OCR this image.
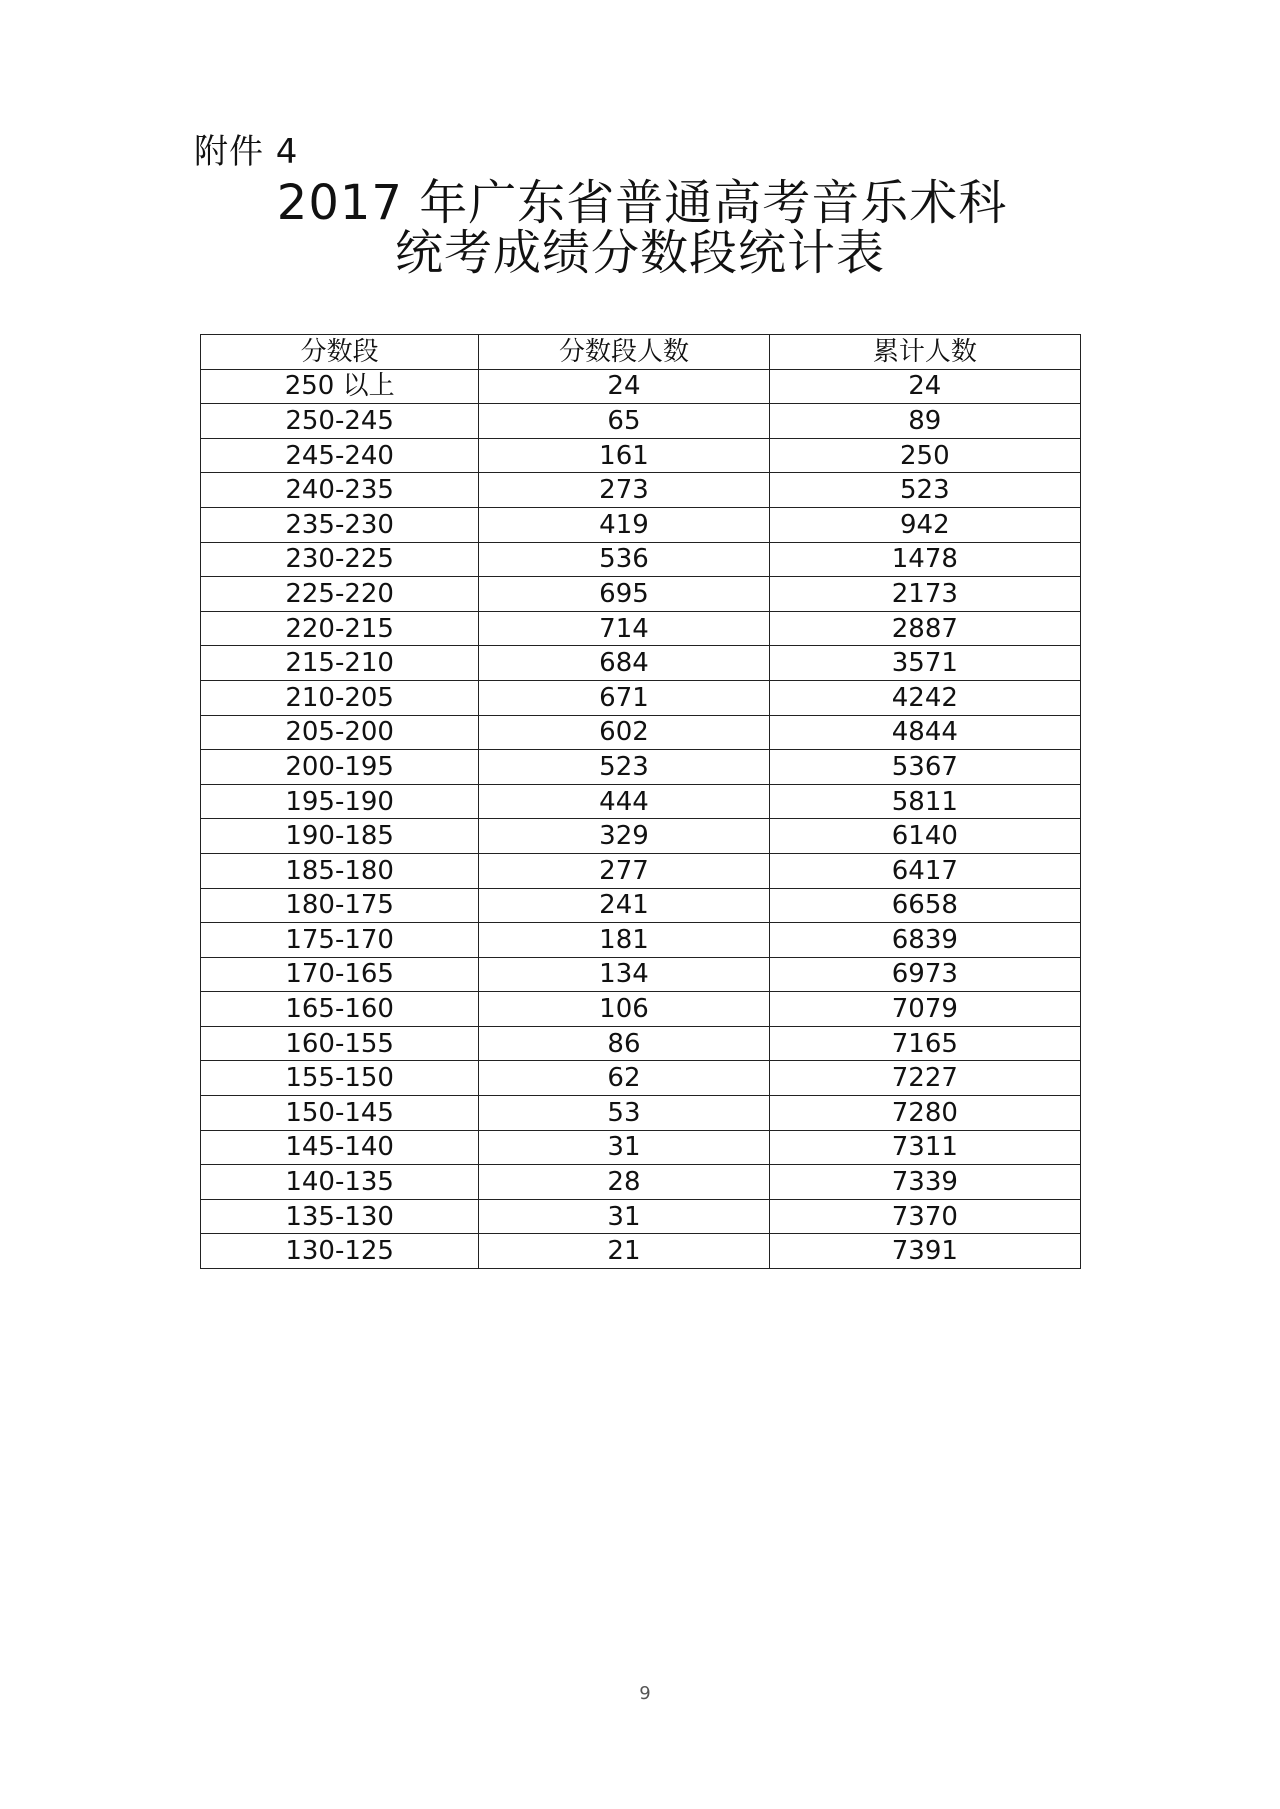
附件 4
2017 年广东省普通高考音乐术科
统考成绩分数段统计表
分数段	分数段人数	累计人数
250 以上	24	24
250-245	65	89
245-240	161	250
240-235	273	523
235-230	419	942
230-225	536	1478
225-220	695	2173
220-215	714	2887
215-210	684	3571
210-205	671	4242
205-200	602	4844
200-195	523	5367
195-190	444	5811
190-185	329	6140
185-180	277	6417
180-175	241	6658
175-170	181	6839
170-165	134	6973
165-160	106	7079
160-155	86	7165
155-150	62	7227
150-145	53	7280
145-140	31	7311
140-135	28	7339
135-130	31	7370
130-125	21	7391
9
